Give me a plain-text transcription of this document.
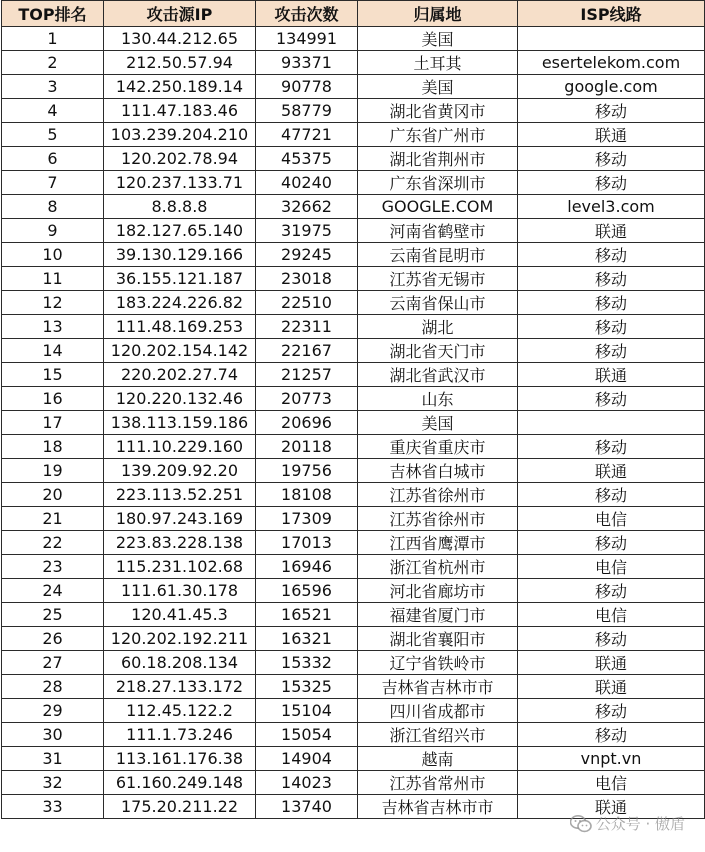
TOP排名	攻击源IP	攻击次数	归属地	ISP线路
1	130.44.212.65	134991	美国	
2	212.50.57.94	93371	土耳其	esertelekom.com
3	142.250.189.14	90778	美国	google.com
4	111.47.183.46	58779	湖北省黄冈市	移动
5	103.239.204.210	47721	广东省广州市	联通
6	120.202.78.94	45375	湖北省荆州市	移动
7	120.237.133.71	40240	广东省深圳市	移动
8	8.8.8.8	32662	GOOGLE.COM	level3.com
9	182.127.65.140	31975	河南省鹤壁市	联通
10	39.130.129.166	29245	云南省昆明市	移动
11	36.155.121.187	23018	江苏省无锡市	移动
12	183.224.226.82	22510	云南省保山市	移动
13	111.48.169.253	22311	湖北	移动
14	120.202.154.142	22167	湖北省天门市	移动
15	220.202.27.74	21257	湖北省武汉市	联通
16	120.220.132.46	20773	山东	移动
17	138.113.159.186	20696	美国	
18	111.10.229.160	20118	重庆省重庆市	移动
19	139.209.92.20	19756	吉林省白城市	联通
20	223.113.52.251	18108	江苏省徐州市	移动
21	180.97.243.169	17309	江苏省徐州市	电信
22	223.83.228.138	17013	江西省鹰潭市	移动
23	115.231.102.68	16946	浙江省杭州市	电信
24	111.61.30.178	16596	河北省廊坊市	移动
25	120.41.45.3	16521	福建省厦门市	电信
26	120.202.192.211	16321	湖北省襄阳市	移动
27	60.18.208.134	15332	辽宁省铁岭市	联通
28	218.27.133.172	15325	吉林省吉林市市	联通
29	112.45.122.2	15104	四川省成都市	移动
30	111.1.73.246	15054	浙江省绍兴市	移动
31	113.161.176.38	14904	越南	vnpt.vn
32	61.160.249.148	14023	江苏省常州市	电信
33	175.20.211.22	13740	吉林省吉林市市	联通
公众号 · 傲盾
